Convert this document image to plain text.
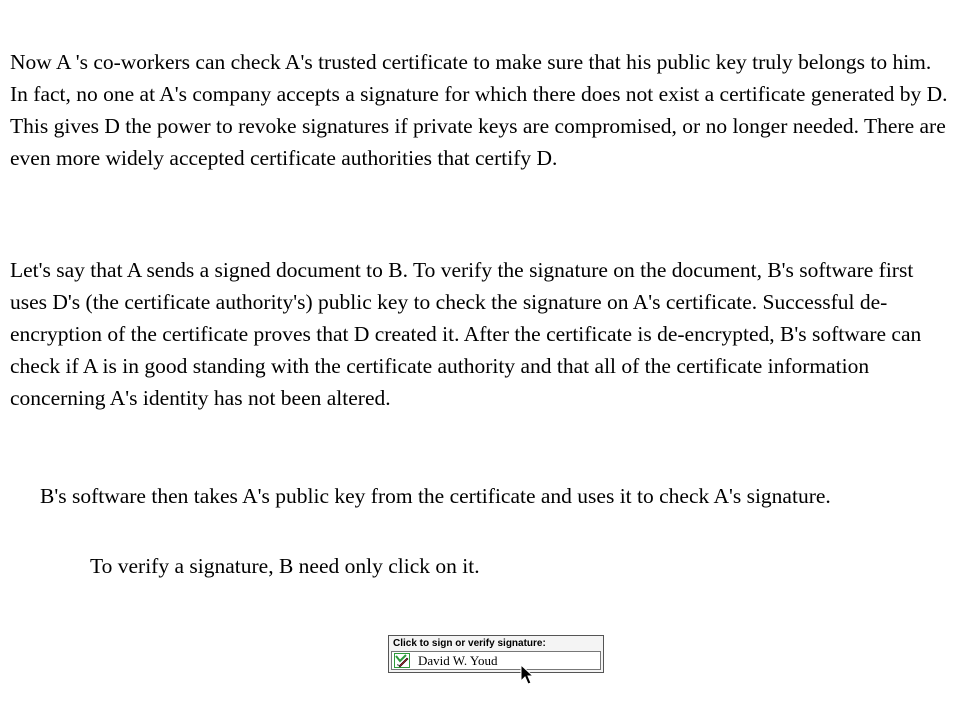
Now A 's co-workers can check A's trusted certificate to make sure that his public key truly belongs to him. In fact, no one at A's company accepts a signature for which there does not exist a certificate generated by D. This gives D the power to revoke signatures if private keys are compromised, or no longer needed. There are even more widely accepted certificate authorities that certify D.

Let's say that A sends a signed document to B. To verify the signature on the document, B's software first uses D's (the certificate authority's) public key to check the signature on A's certificate. Successful de-encryption of the certificate proves that D created it. After the certificate is de-encrypted, B's software can check if A is in good standing with the certificate authority and that all of the certificate information concerning A's identity has not been altered.

B's software then takes A's public key from the certificate and uses it to check A's signature.

To verify a signature, B need only click on it.

Click to sign or verify signature:
David W. Youd
